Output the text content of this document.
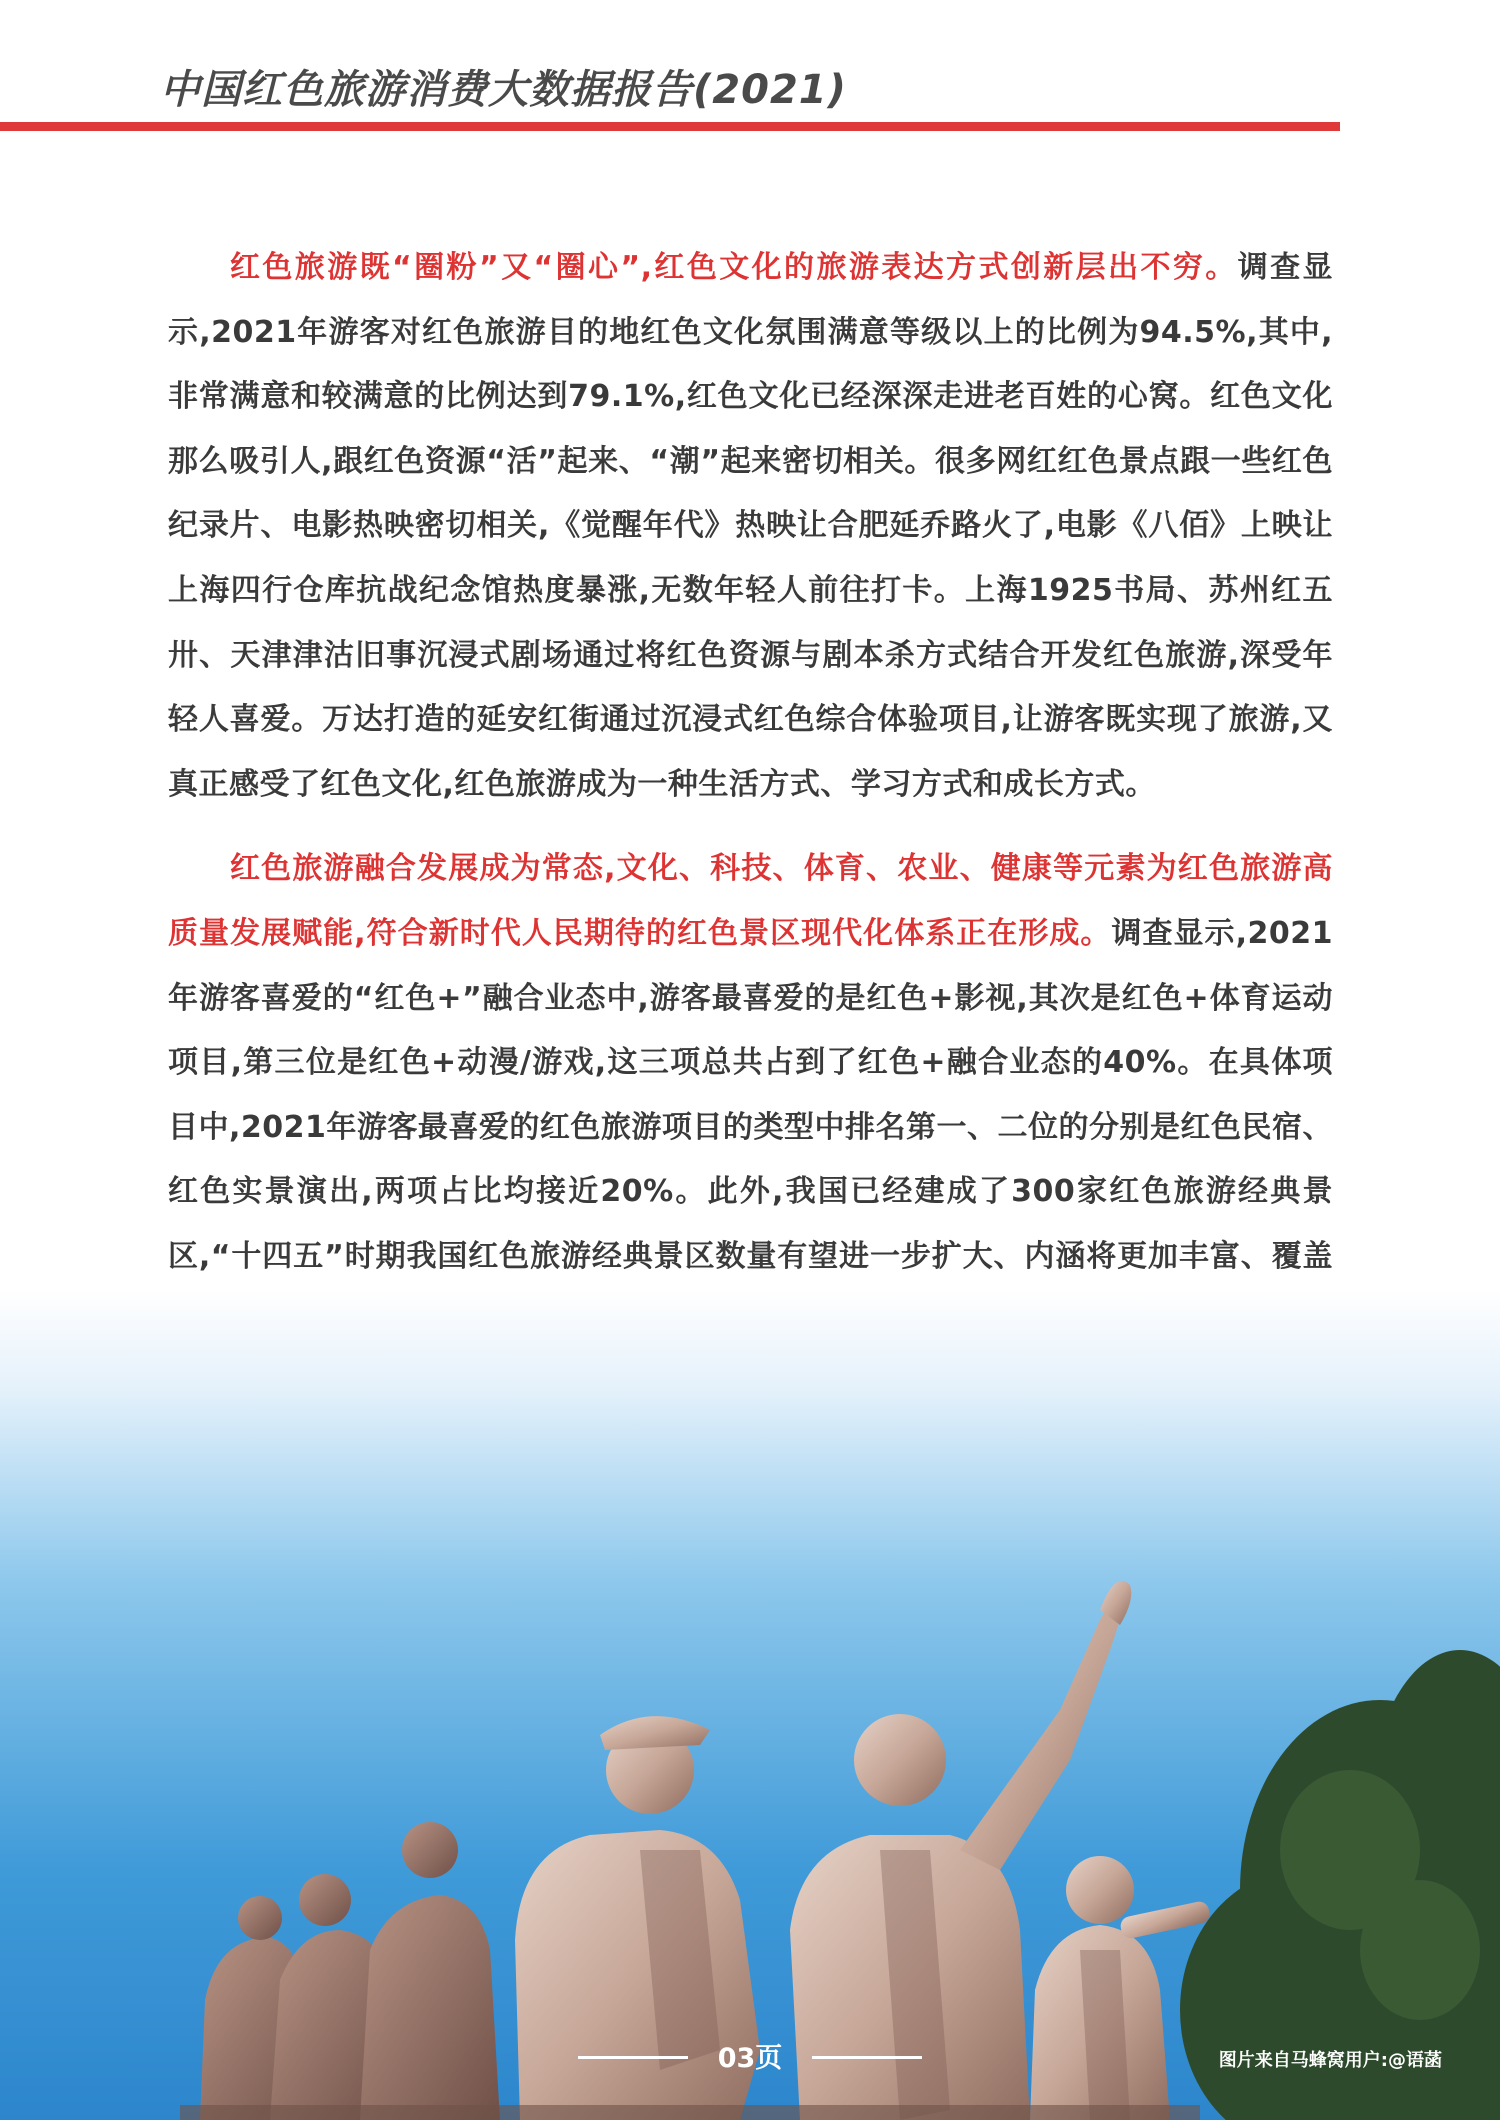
中国红色旅游消费大数据报告(2021)

红色旅游既“圈粉”又“圈心”,红色文化的旅游表达方式创新层出不穷。调查显示,2021年游客对红色旅游目的地红色文化氛围满意等级以上的比例为94.5%,其中,非常满意和较满意的比例达到79.1%,红色文化已经深深走进老百姓的心窝。红色文化那么吸引人,跟红色资源“活”起来、“潮”起来密切相关。很多网红红色景点跟一些红色纪录片、电影热映密切相关,《觉醒年代》热映让合肥延乔路火了,电影《八佰》上映让上海四行仓库抗战纪念馆热度暴涨,无数年轻人前往打卡。上海1925书局、苏州红五卅、天津津沽旧事沉浸式剧场通过将红色资源与剧本杀方式结合开发红色旅游,深受年轻人喜爱。万达打造的延安红街通过沉浸式红色综合体验项目,让游客既实现了旅游,又真正感受了红色文化,红色旅游成为一种生活方式、学习方式和成长方式。

红色旅游融合发展成为常态,文化、科技、体育、农业、健康等元素为红色旅游高质量发展赋能,符合新时代人民期待的红色景区现代化体系正在形成。调查显示,2021年游客喜爱的“红色+”融合业态中,游客最喜爱的是红色+影视,其次是红色+体育运动项目,第三位是红色+动漫/游戏,这三项总共占到了红色+融合业态的40%。在具体项目中,2021年游客最喜爱的红色旅游项目的类型中排名第一、二位的分别是红色民宿、红色实景演出,两项占比均接近20%。此外,我国已经建成了300家红色旅游经典景区,“十四五”时期我国红色旅游经典景区数量有望进一步扩大、内涵将更加丰富、覆盖

03页	图片来自马蜂窝用户:@语菡
